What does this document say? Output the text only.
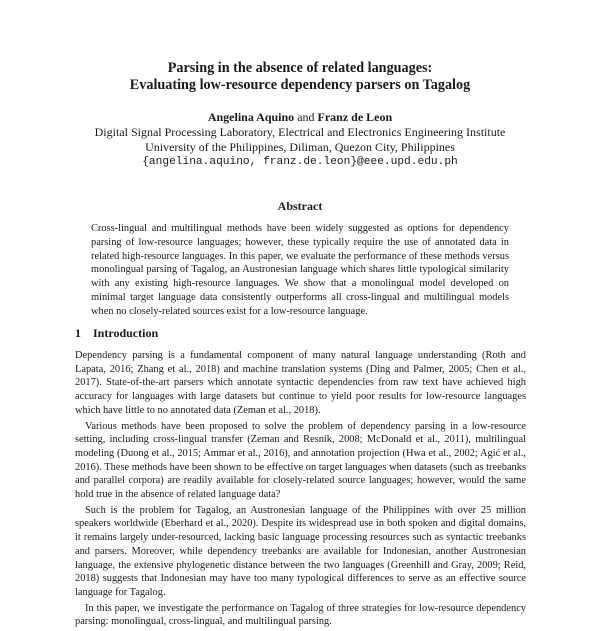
Parsing in the absence of related languages:
Evaluating low-resource dependency parsers on Tagalog
Angelina Aquino and Franz de Leon
Digital Signal Processing Laboratory, Electrical and Electronics Engineering Institute
University of the Philippines, Diliman, Quezon City, Philippines
{angelina.aquino, franz.de.leon}@eee.upd.edu.ph
Abstract
Cross-lingual and multilingual methods have been widely suggested as options for dependency parsing of low-resource languages; however, these typically require the use of annotated data in related high-resource languages. In this paper, we evaluate the performance of these methods versus monolingual parsing of Tagalog, an Austronesian language which shares little typological similarity with any existing high-resource languages. We show that a monolingual model developed on minimal target language data consistently outperforms all cross-lingual and multilingual models when no closely-related sources exist for a low-resource language.
1 Introduction

Dependency parsing is a fundamental component of many natural language understanding (Roth and Lapata, 2016; Zhang et al., 2018) and machine translation systems (Ding and Palmer, 2005; Chen et al., 2017). State-of-the-art parsers which annotate syntactic dependencies from raw text have achieved high accuracy for languages with large datasets but continue to yield poor results for low-resource languages which have little to no annotated data (Zeman et al., 2018).

Various methods have been proposed to solve the problem of dependency parsing in a low-resource setting, including cross-lingual transfer (Zeman and Resnik, 2008; McDonald et al., 2011), multilingual modeling (Duong et al., 2015; Ammar et al., 2016), and annotation projection (Hwa et al., 2002; Agić et al., 2016). These methods have been shown to be effective on target languages when datasets (such as treebanks and parallel corpora) are readily available for closely-related source languages; however, would the same hold true in the absence of related language data?

Such is the problem for Tagalog, an Austronesian language of the Philippines with over 25 million speakers worldwide (Eberhard et al., 2020). Despite its widespread use in both spoken and digital domains, it remains largely under-resourced, lacking basic language processing resources such as syntactic treebanks and parsers. Moreover, while dependency treebanks are available for Indonesian, another Austronesian language, the extensive phylogenetic distance between the two languages (Greenhill and Gray, 2009; Reid, 2018) suggests that Indonesian may have too many typological differences to serve as an effective source language for Tagalog.

In this paper, we investigate the performance on Tagalog of three strategies for low-resource dependency parsing: monolingual, cross-lingual, and multilingual parsing.
